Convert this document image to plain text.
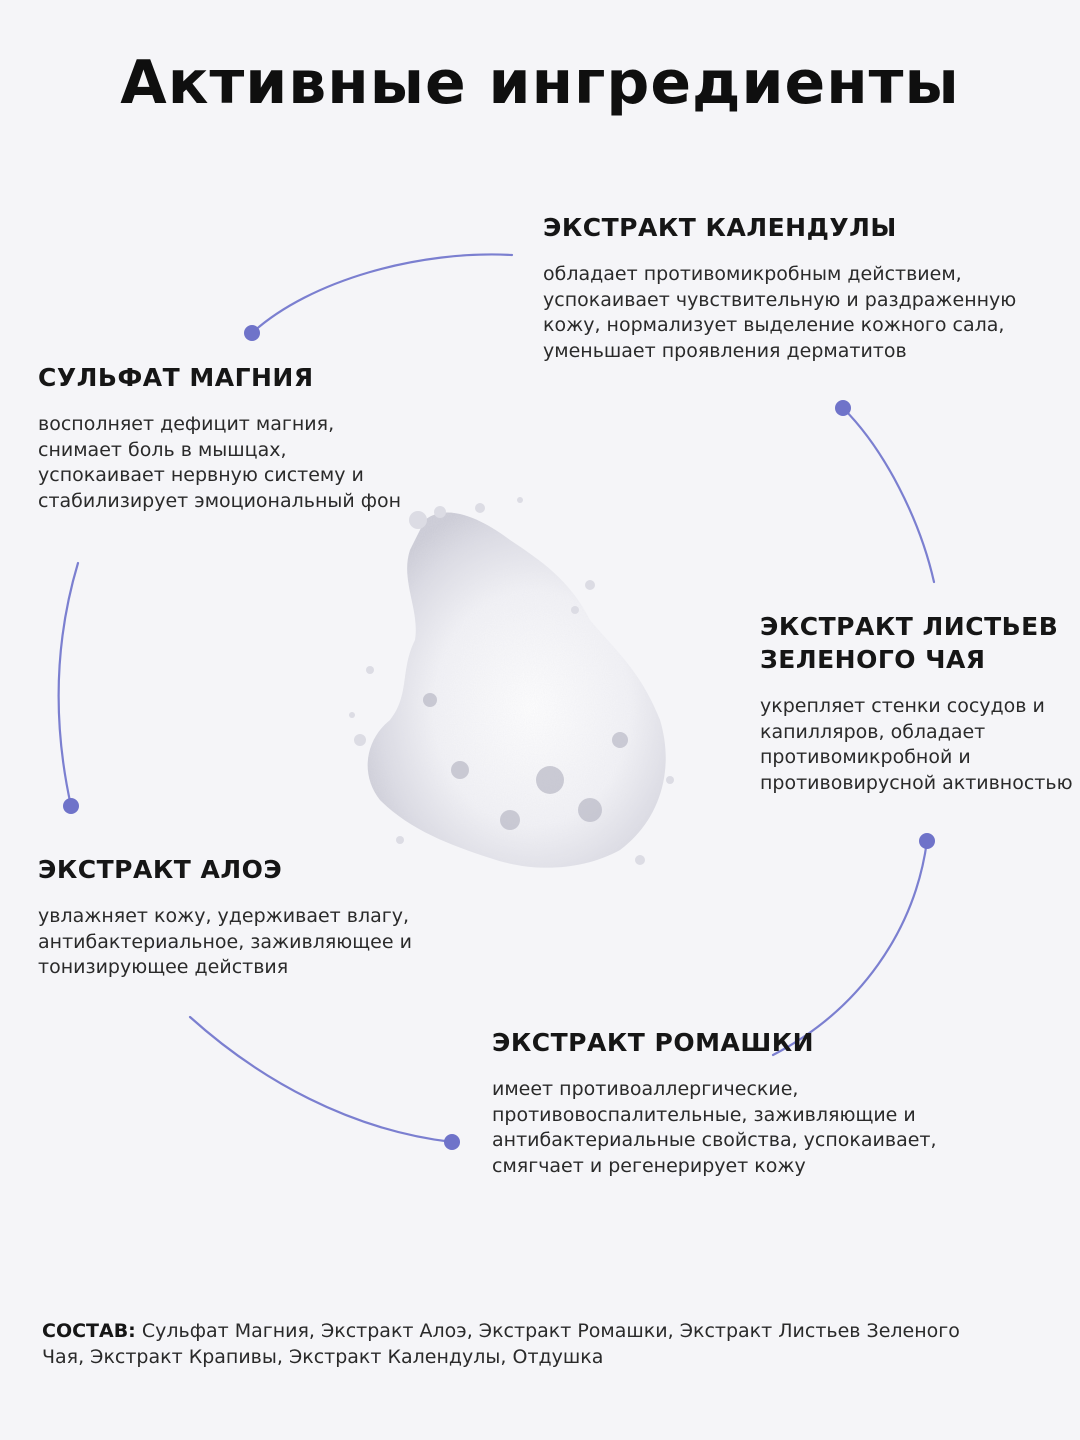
Активные ингредиенты
ЭКСТРАКТ КАЛЕНДУЛЫ

обладает противомикробным действием, успокаивает чувствительную и раздраженную кожу, нормализует выделение кожного сала, уменьшает проявления дерматитов

СУЛЬФАТ МАГНИЯ

восполняет дефицит магния, снимает боль в мышцах, успокаивает нервную систему и стабилизирует эмоциональный фон

ЭКСТРАКТ ЛИСТЬЕВ ЗЕЛЕНОГО ЧАЯ

укрепляет стенки сосудов и капилляров, обладает противомикробной и противовирусной активностью

ЭКСТРАКТ АЛОЭ

увлажняет кожу, удерживает влагу, антибактериальное, заживляющее и тонизирующее действия

ЭКСТРАКТ РОМАШКИ

имеет противоаллергические, противовоспалительные, заживляющие и антибактериальные свойства, успокаивает, смягчает и регенерирует кожу

СОСТАВ: Сульфат Магния, Экстракт Алоэ, Экстракт Ромашки, Экстракт Листьев Зеленого Чая, Экстракт Крапивы, Экстракт Календулы, Отдушка
